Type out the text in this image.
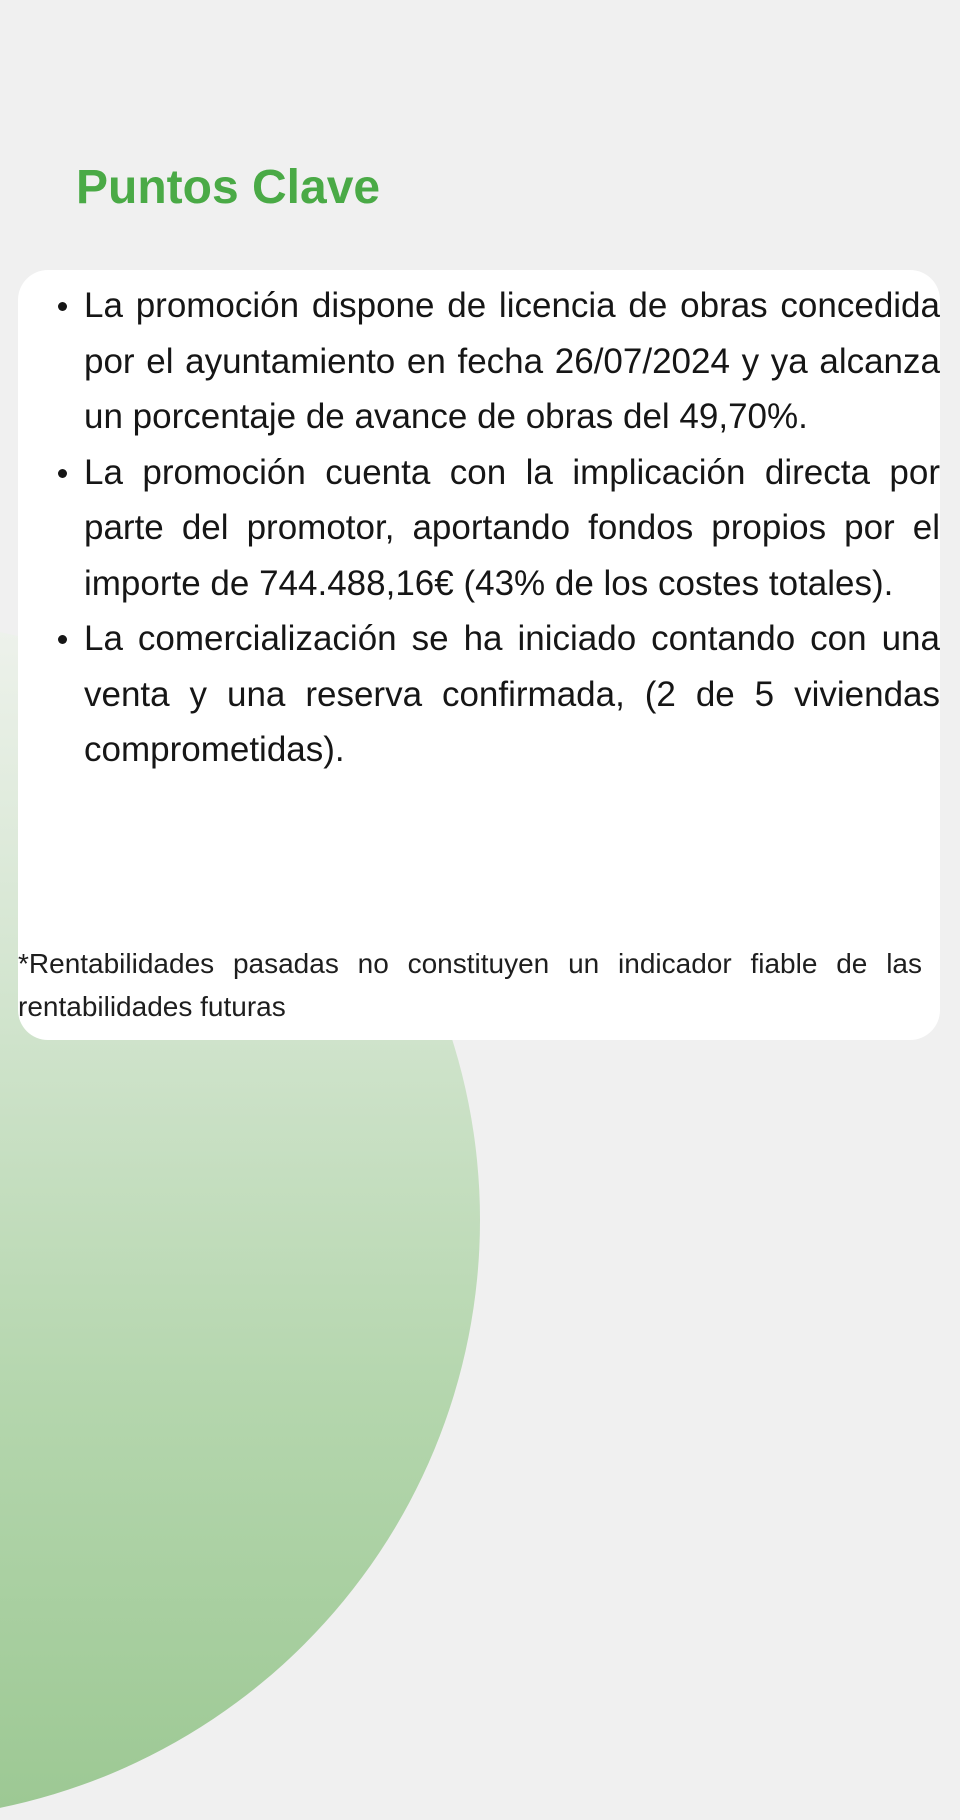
Puntos Clave
La promoción dispone de licencia de obras concedida por el ayuntamiento en fecha 26/07/2024 y ya alcanza un porcentaje de avance de obras del 49,70%.
La promoción cuenta con la implicación directa por parte del promotor, aportando fondos propios por el importe de 744.488,16€ (43% de los costes totales).
La comercialización se ha iniciado contando con una venta y una reserva confirmada, (2 de 5 viviendas comprometidas).

*Rentabilidades pasadas no constituyen un indicador fiable de las rentabilidades futuras
